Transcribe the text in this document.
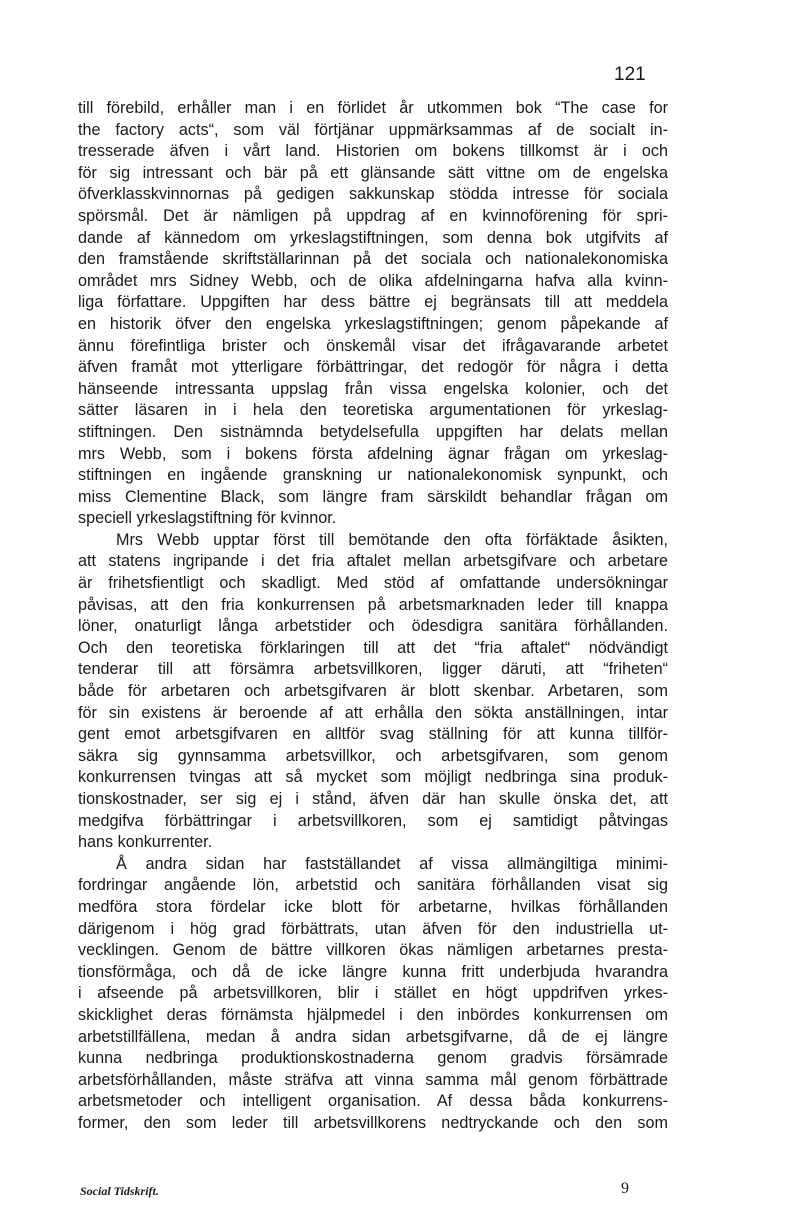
121
till förebild, erhåller man i en förlidet år utkommen bok “The case for
the factory acts“, som väl förtjänar uppmärksammas af de socialt in-
tresserade äfven i vårt land. Historien om bokens tillkomst är i och
för sig intressant och bär på ett glänsande sätt vittne om de engelska
öfverklasskvinnornas på gedigen sakkunskap stödda intresse för sociala
spörsmål. Det är nämligen på uppdrag af en kvinnoförening för spri-
dande af kännedom om yrkeslagstiftningen, som denna bok utgifvits af
den framstående skriftställarinnan på det sociala och nationalekonomiska
området mrs Sidney Webb, och de olika afdelningarna hafva alla kvinn-
liga författare. Uppgiften har dess bättre ej begränsats till att meddela
en historik öfver den engelska yrkeslagstiftningen; genom påpekande af
ännu förefintliga brister och önskemål visar det ifrågavarande arbetet
äfven framåt mot ytterligare förbättringar, det redogör för några i detta
hänseende intressanta uppslag från vissa engelska kolonier, och det
sätter läsaren in i hela den teoretiska argumentationen för yrkeslag-
stiftningen. Den sistnämnda betydelsefulla uppgiften har delats mellan
mrs Webb, som i bokens första afdelning ägnar frågan om yrkeslag-
stiftningen en ingående granskning ur nationalekonomisk synpunkt, och
miss Clementine Black, som längre fram särskildt behandlar frågan om
speciell yrkeslagstiftning för kvinnor.
Mrs Webb upptar först till bemötande den ofta förfäktade åsikten,
att statens ingripande i det fria aftalet mellan arbetsgifvare och arbetare
är frihetsfientligt och skadligt. Med stöd af omfattande undersökningar
påvisas, att den fria konkurrensen på arbetsmarknaden leder till knappa
löner, onaturligt långa arbetstider och ödesdigra sanitära förhållanden.
Och den teoretiska förklaringen till att det “fria aftalet“ nödvändigt
tenderar till att försämra arbetsvillkoren, ligger däruti, att “friheten“
både för arbetaren och arbetsgifvaren är blott skenbar. Arbetaren, som
för sin existens är beroende af att erhålla den sökta anställningen, intar
gent emot arbetsgifvaren en alltför svag ställning för att kunna tillför-
säkra sig gynnsamma arbetsvillkor, och arbetsgifvaren, som genom
konkurrensen tvingas att så mycket som möjligt nedbringa sina produk-
tionskostnader, ser sig ej i stånd, äfven där han skulle önska det, att
medgifva förbättringar i arbetsvillkoren, som ej samtidigt påtvingas
hans konkurrenter.
Å andra sidan har fastställandet af vissa allmängiltiga minimi-
fordringar angående lön, arbetstid och sanitära förhållanden visat sig
medföra stora fördelar icke blott för arbetarne, hvilkas förhållanden
därigenom i hög grad förbättrats, utan äfven för den industriella ut-
vecklingen. Genom de bättre villkoren ökas nämligen arbetarnes presta-
tionsförmåga, och då de icke längre kunna fritt underbjuda hvarandra
i afseende på arbetsvillkoren, blir i stället en högt uppdrifven yrkes-
skicklighet deras förnämsta hjälpmedel i den inbördes konkurrensen om
arbetstillfällena, medan å andra sidan arbetsgifvarne, då de ej längre
kunna nedbringa produktionskostnaderna genom gradvis försämrade
arbetsförhållanden, måste sträfva att vinna samma mål genom förbättrade
arbetsmetoder och intelligent organisation. Af dessa båda konkurrens-
former, den som leder till arbetsvillkorens nedtryckande och den som
Social Tidskrift.	9
